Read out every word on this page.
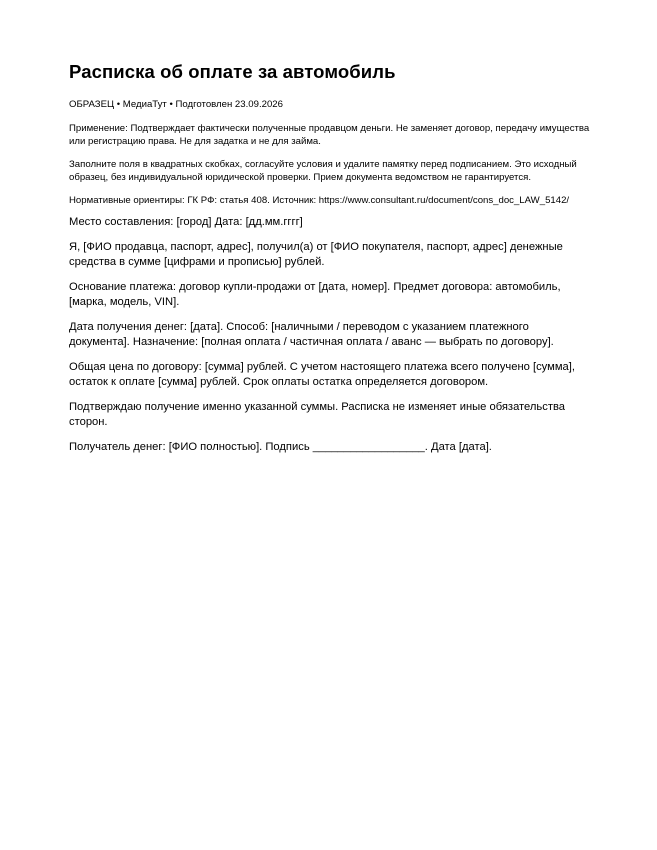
Расписка об оплате за автомобиль

ОБРАЗЕЦ • МедиаТут • Подготовлен 23.09.2026

Применение: Подтверждает фактически полученные продавцом деньги. Не заменяет договор, передачу имущества или регистрацию права. Не для задатка и не для займа.

Заполните поля в квадратных скобках, согласуйте условия и удалите памятку перед подписанием. Это исходный образец, без индивидуальной юридической проверки. Прием документа ведомством не гарантируется.

Нормативные ориентиры: ГК РФ: статья 408. Источник: https://www.consultant.ru/document/cons_doc_LAW_5142/

Место составления: [город] Дата: [дд.мм.гггг]

Я, [ФИО продавца, паспорт, адрес], получил(а) от [ФИО покупателя, паспорт, адрес] денежные средства в сумме [цифрами и прописью] рублей.

Основание платежа: договор купли-продажи от [дата, номер]. Предмет договора: автомобиль, [марка, модель, VIN].

Дата получения денег: [дата]. Способ: [наличными / переводом с указанием платежного документа]. Назначение: [полная оплата / частичная оплата / аванс — выбрать по договору].

Общая цена по договору: [сумма] рублей. С учетом настоящего платежа всего получено [сумма], остаток к оплате [сумма] рублей. Срок оплаты остатка определяется договором.

Подтверждаю получение именно указанной суммы. Расписка не изменяет иные обязательства сторон.

Получатель денег: [ФИО полностью]. Подпись __________________. Дата [дата].
